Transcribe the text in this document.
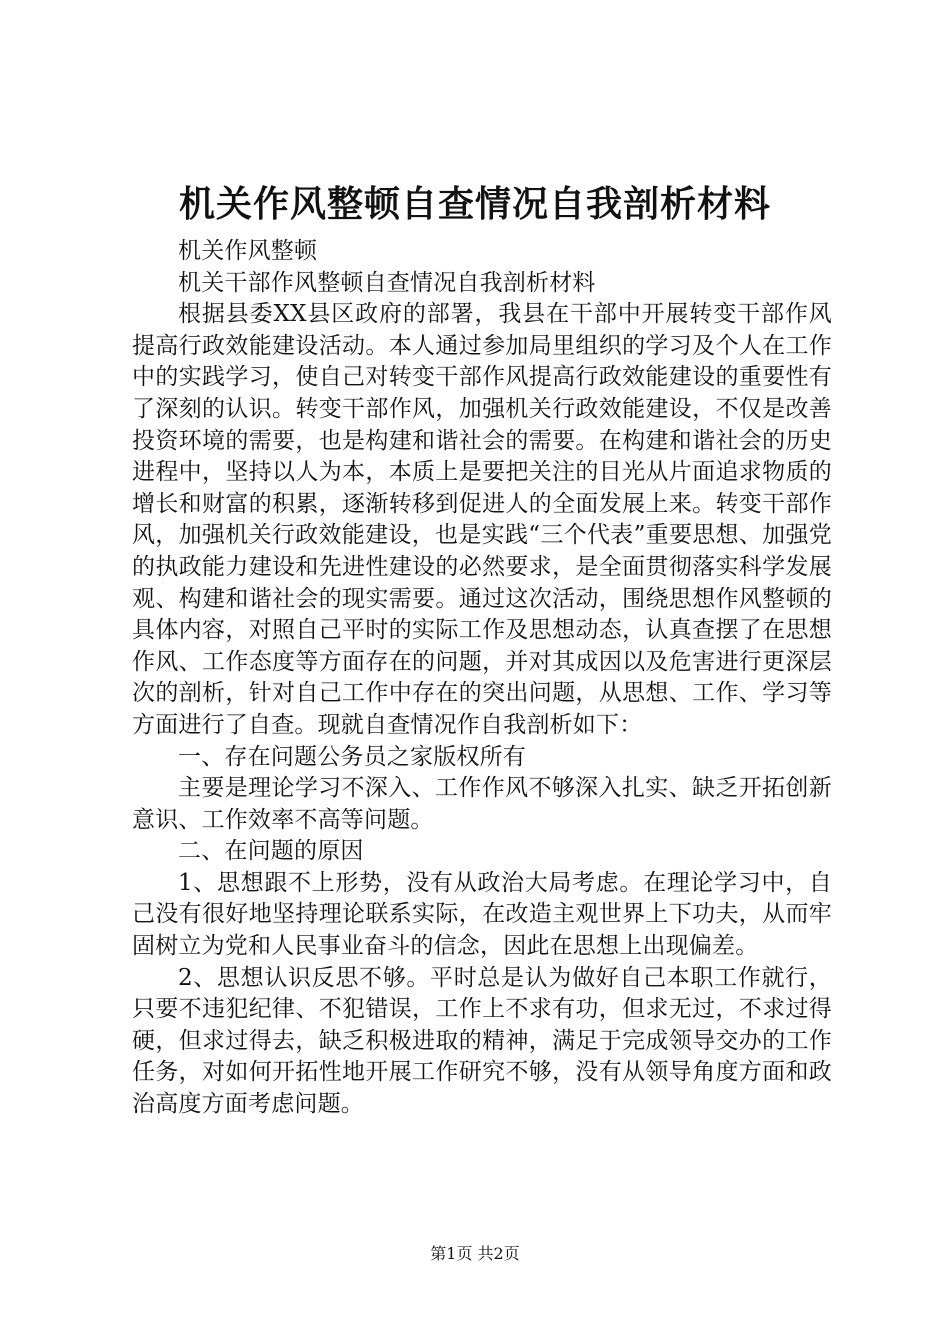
机关作风整顿自查情况自我剖析材料

机关作风整顿

机关干部作风整顿自查情况自我剖析材料

根据县委XX县区政府的部署，我县在干部中开展转变干部作风提高行政效能建设活动。本人通过参加局里组织的学习及个人在工作中的实践学习，使自己对转变干部作风提高行政效能建设的重要性有了深刻的认识。转变干部作风，加强机关行政效能建设，不仅是改善投资环境的需要，也是构建和谐社会的需要。在构建和谐社会的历史进程中，坚持以人为本，本质上是要把关注的目光从片面追求物质的增长和财富的积累，逐渐转移到促进人的全面发展上来。转变干部作风，加强机关行政效能建设，也是实践“三个代表”重要思想、加强党的执政能力建设和先进性建设的必然要求，是全面贯彻落实科学发展观、构建和谐社会的现实需要。通过这次活动，围绕思想作风整顿的具体内容，对照自己平时的实际工作及思想动态，认真查摆了在思想作风、工作态度等方面存在的问题，并对其成因以及危害进行更深层次的剖析，针对自己工作中存在的突出问题，从思想、工作、学习等方面进行了自查。现就自查情况作自我剖析如下：

一、存在问题公务员之家版权所有

主要是理论学习不深入、工作作风不够深入扎实、缺乏开拓创新意识、工作效率不高等问题。

二、在问题的原因

1、思想跟不上形势，没有从政治大局考虑。在理论学习中，自己没有很好地坚持理论联系实际，在改造主观世界上下功夫，从而牢固树立为党和人民事业奋斗的信念，因此在思想上出现偏差。

2、思想认识反思不够。平时总是认为做好自己本职工作就行，只要不违犯纪律、不犯错误，工作上不求有功，但求无过，不求过得硬，但求过得去，缺乏积极进取的精神，满足于完成领导交办的工作任务，对如何开拓性地开展工作研究不够，没有从领导角度方面和政治高度方面考虑问题。

第1页 共2页
